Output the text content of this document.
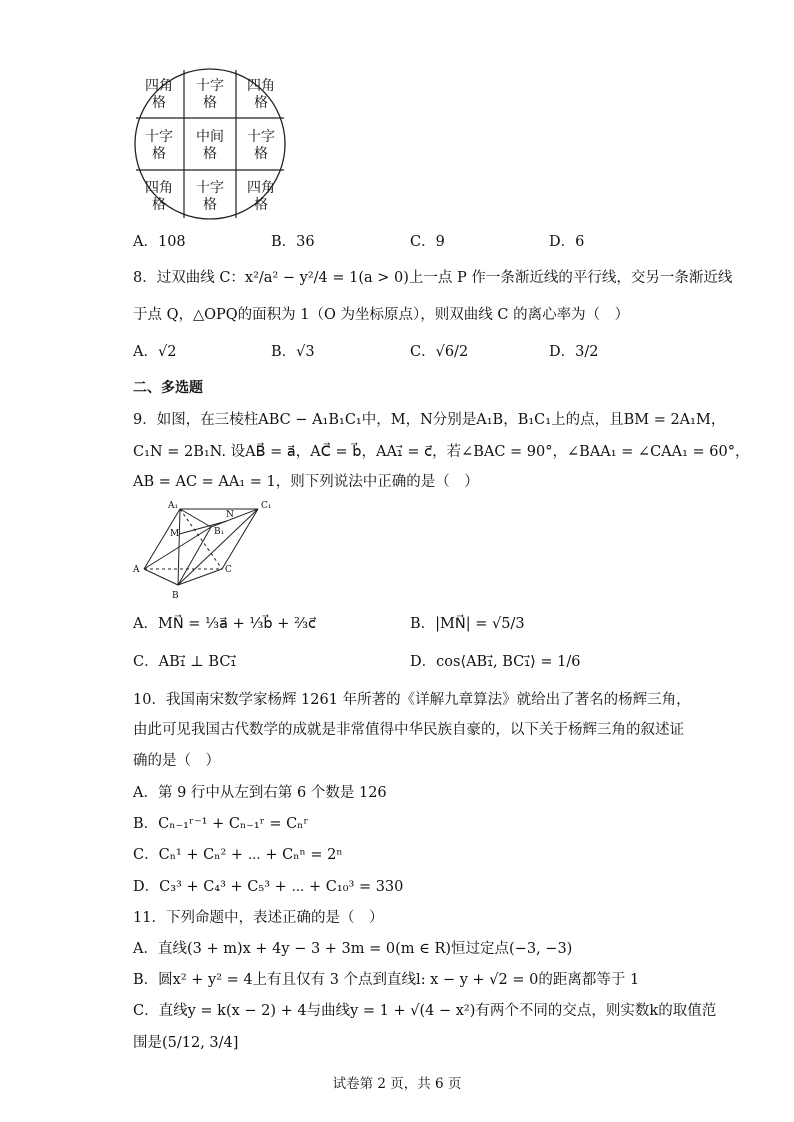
四角格
十字格
四角格
十字格
中间格
十字格
四角格
十字格
四角格
A．108	B．36	C．9	D．6
8．过双曲线 C：x²/a² − y²/4 = 1(a > 0)上一点 P 作一条渐近线的平行线，交另一条渐近线
于点 Q，△OPQ的面积为 1（O 为坐标原点），则双曲线 C 的离心率为（　）
A．√2	B．√3	C．√6/2	D．3/2
二、多选题
9．如图，在三棱柱ABC − A₁B₁C₁中，M，N分别是A₁B，B₁C₁上的点，且BM = 2A₁M，
C₁N = 2B₁N. 设AB⃗ = a⃗，AC⃗ = b⃗，AA₁⃗ = c⃗，若∠BAC = 90°，∠BAA₁ = ∠CAA₁ = 60°，
AB = AC = AA₁ = 1，则下列说法中正确的是（　）
A₁	C₁
N
M	B₁
A	C
B
A．MN⃗ = ⅓a⃗ + ⅓b⃗ + ⅔c⃗	B．|MN⃗| = √5/3
C．AB₁⃗ ⊥ BC₁⃗	D．cos⟨AB₁⃗, BC₁⃗⟩ = 1/6
10．我国南宋数学家杨辉 1261 年所著的《详解九章算法》就给出了著名的杨辉三角，
由此可见我国古代数学的成就是非常值得中华民族自豪的，以下关于杨辉三角的叙述证
确的是（　）
A．第 9 行中从左到右第 6 个数是 126
B．Cₙ₋₁ʳ⁻¹ + Cₙ₋₁ʳ = Cₙʳ
C．Cₙ¹ + Cₙ² + ⋯ + Cₙⁿ = 2ⁿ
D．C₃³ + C₄³ + C₅³ + ⋯ + C₁₀³ = 330
11．下列命题中，表述正确的是（　）
A．直线(3 + m)x + 4y − 3 + 3m = 0(m ∈ R)恒过定点(−3, −3)
B．圆x² + y² = 4上有且仅有 3 个点到直线l: x − y + √2 = 0的距离都等于 1
C．直线y = k(x − 2) + 4与曲线y = 1 + √(4 − x²)有两个不同的交点，则实数k的取值范
围是(5/12, 3/4]
试卷第 2 页，共 6 页
